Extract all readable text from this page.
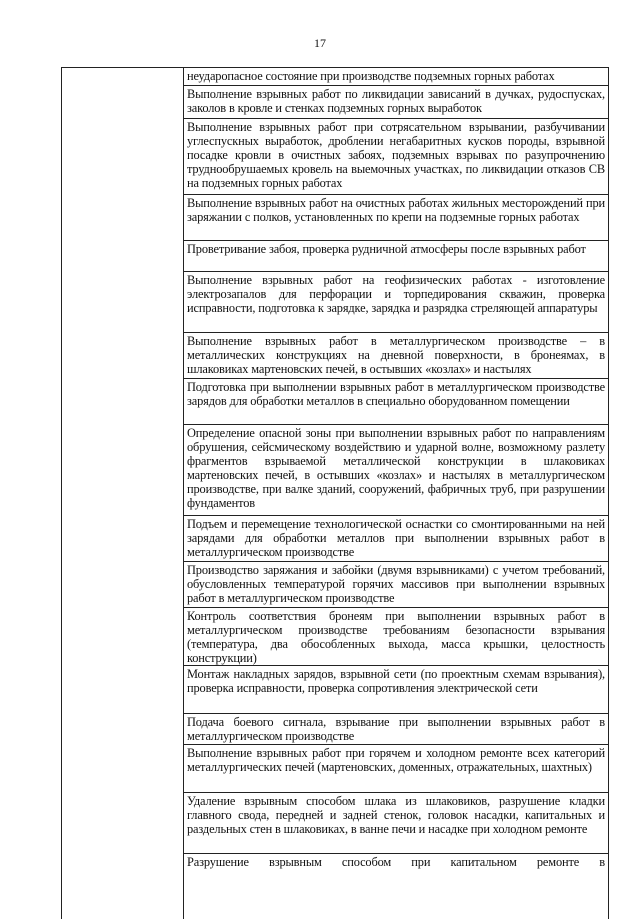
17
неударопасное состояние при производстве подземных горных работах
Выполнение взрывных работ по ликвидации зависаний в дучках, рудоспусках, заколов в кровле и стенках подземных горных выработок
Выполнение взрывных работ при сотрясательном взрывании, разбучивании углеспускных выработок, дроблении негабаритных кусков породы, взрывной посадке кровли в очистных забоях, подземных взрывах по разупрочнению труднообрушаемых кровель на выемочных участках, по ликвидации отказов СВ на подземных горных работах
Выполнение взрывных работ на очистных работах жильных месторождений при заряжании с полков, установленных по крепи на подземные горных работах
Проветривание забоя, проверка рудничной атмосферы после взрывных работ
Выполнение взрывных работ на геофизических работах - изготовление электрозапалов для перфорации и торпедирования скважин, проверка исправности, подготовка к зарядке, зарядка и разрядка стреляющей аппаратуры
Выполнение взрывных работ в металлургическом производстве – в металлических конструкциях на дневной поверхности, в бронеямах, в шлаковиках мартеновских печей, в остывших «козлах» и настылях
Подготовка при выполнении взрывных работ в металлургическом производстве зарядов для обработки металлов в специально оборудованном помещении
Определение опасной зоны при выполнении взрывных работ по направлениям обрушения, сейсмическому воздействию и ударной волне, возможному разлету фрагментов взрываемой металлической конструкции в шлаковиках мартеновских печей, в остывших «козлах» и настылях в металлургическом производстве, при валке зданий, сооружений, фабричных труб, при разрушении фундаментов
Подъем и перемещение технологической оснастки со смонтированными на ней зарядами для обработки металлов при выполнении взрывных работ в металлургическом производстве
Производство заряжания и забойки (двумя взрывниками) с учетом требований, обусловленных температурой горячих массивов при выполнении взрывных работ в металлургическом производстве
Контроль соответствия бронеям при выполнении взрывных работ в металлургическом производстве требованиям безопасности взрывания (температура, два обособленных выхода, масса крышки, целостность конструкции)
Монтаж накладных зарядов, взрывной сети (по проектным схемам взрывания), проверка исправности, проверка сопротивления электрической сети
Подача боевого сигнала, взрывание при выполнении взрывных работ в металлургическом производстве
Выполнение взрывных работ при горячем и холодном ремонте всех категорий металлургических печей (мартеновских, доменных, отражательных, шахтных)
Удаление взрывным способом шлака из шлаковиков, разрушение кладки главного свода, передней и задней стенок, головок насадки, капитальных и раздельных стен в шлаковиках, в ванне печи и насадке при холодном ремонте
Разрушение взрывным способом при капитальном ремонте в
